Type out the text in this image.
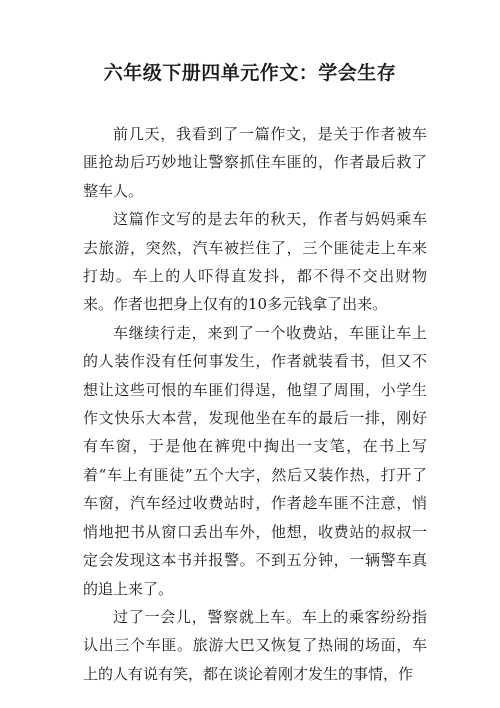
六年级下册四单元作文：学会生存

前几天，我看到了一篇作文，是关于作者被车匪抢劫后巧妙地让警察抓住车匪的，作者最后救了整车人。

这篇作文写的是去年的秋天，作者与妈妈乘车去旅游，突然，汽车被拦住了，三个匪徒走上车来打劫。车上的人吓得直发抖，都不得不交出财物来。作者也把身上仅有的10多元钱拿了出来。

车继续行走，来到了一个收费站，车匪让车上的人装作没有任何事发生，作者就装看书，但又不想让这些可恨的车匪们得逞，他望了周围，小学生作文快乐大本营，发现他坐在车的最后一排，刚好有车窗，于是他在裤兜中掏出一支笔，在书上写着“车上有匪徒”五个大字，然后又装作热，打开了车窗，汽车经过收费站时，作者趁车匪不注意，悄悄地把书从窗口丢出车外，他想，收费站的叔叔一定会发现这本书并报警。不到五分钟，一辆警车真的追上来了。

过了一会儿，警察就上车。车上的乘客纷纷指认出三个车匪。旅游大巴又恢复了热闹的场面，车上的人有说有笑，都在谈论着刚才发生的事情，作
